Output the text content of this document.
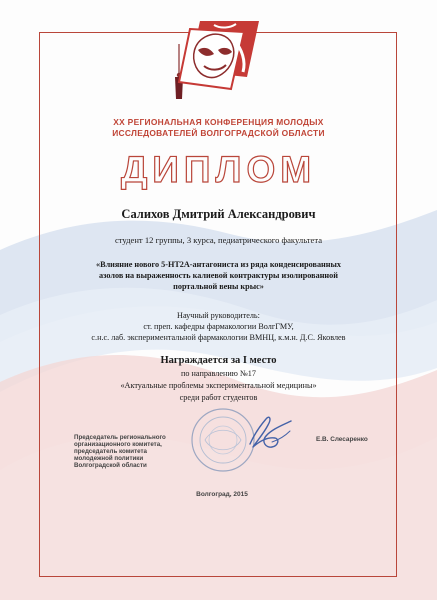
XX РЕГИОНАЛЬНАЯ КОНФЕРЕНЦИЯ МОЛОДЫХ
ИССЛЕДОВАТЕЛЕЙ ВОЛГОГРАДСКОЙ ОБЛАСТИ
ДИПЛОМ
Салихов Дмитрий Александрович
студент 12 группы, 3 курса, педиатрического факультета
«Влияние нового 5-НТ2А-антагониста из ряда конденсированных
азолов на выраженность калиевой контрактуры изолированной
портальной вены крыс»
Научный руководитель:
ст. преп. кафедры фармакологии ВолгГМУ,
с.н.с. лаб. экспериментальной фармакологии ВМНЦ, к.м.н. Д.С. Яковлев
Награждается за I место
по направлению №17
«Актуальные проблемы экспериментальной медицины»
среди работ студентов
Председатель регионального
организационного комитета,
председатель комитета
молодежной политики
Волгоградской области
Е.В. Слесаренко
Волгоград, 2015
